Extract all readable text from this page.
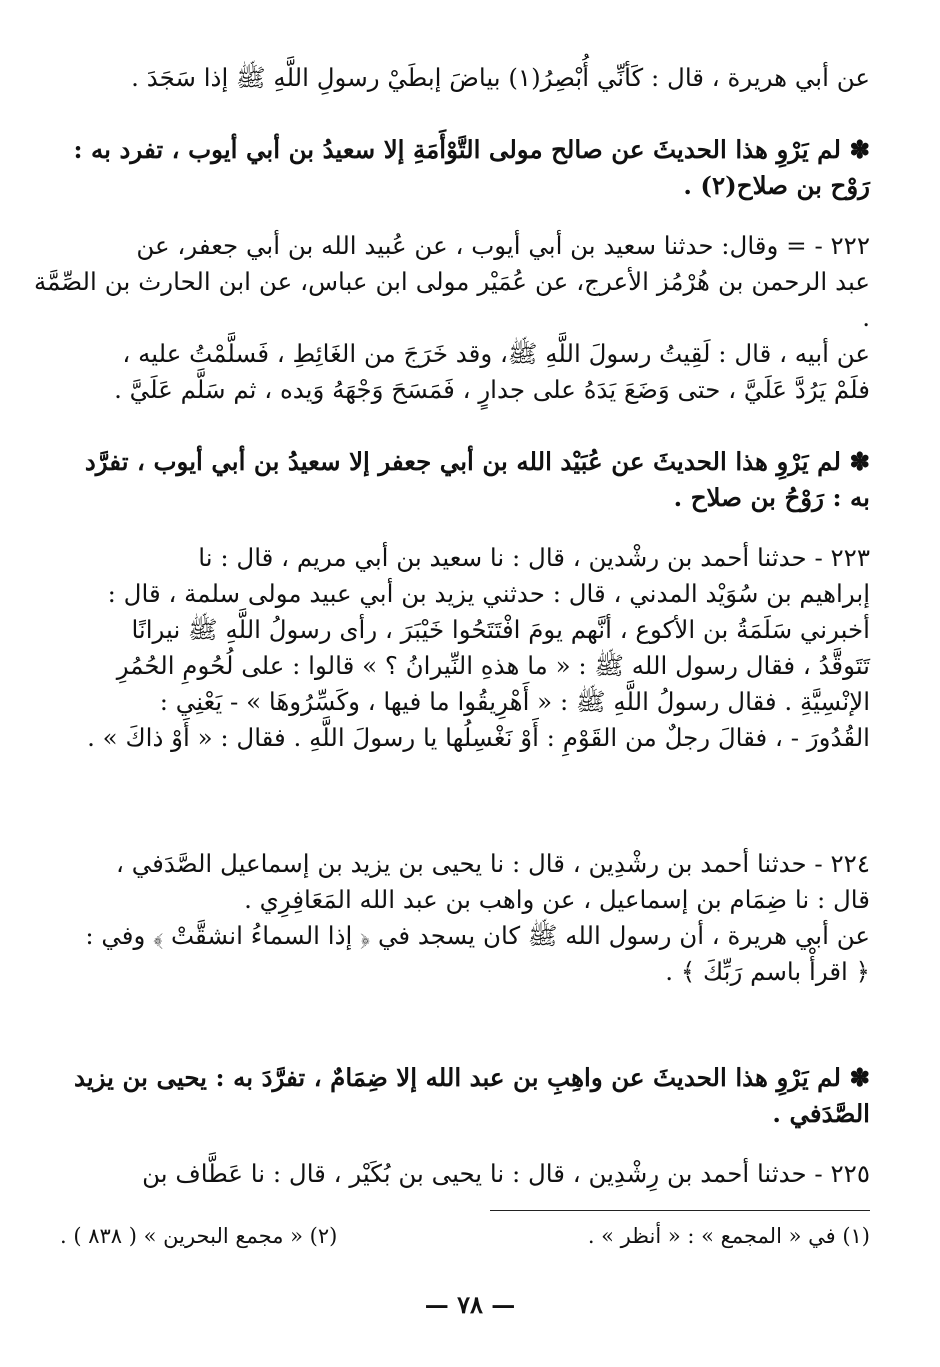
عن أبي هريرة ، قال : كَأنِّي أُبْصِرُ(١) بياضَ إبطَيْ رسولِ اللَّهِ ﷺ إذا سَجَدَ .

✽ لم يَرْوِ هذا الحديثَ عن صالح مولى التَّوْأَمَةِ إلا سعيدُ بن أبي أيوب ، تفرد به :

رَوْح بن صلاح(٢) .

٢٢٢ - = وقال: حدثنا سعيد بن أبي أيوب ، عن عُبيد الله بن أبي جعفر، عن

عبد الرحمن بن هُرْمُز الأعرج، عن عُمَيْر مولى ابن عباس، عن ابن الحارث بن الصِّمَّة .

عن أبيه ، قال : لَقِيتُ رسولَ اللَّهِ ﷺ، وقد خَرَجَ من الغَائِطِ ، فَسلَّمْتُ عليه ،

فلَمْ يَرُدَّ عَلَيَّ ، حتى وَضَعَ يَدَهُ على جدارٍ ، فَمَسَحَ وَجْهَهُ وَيده ، ثم سَلَّم عَلَيَّ .

✽ لم يَرْوِ هذا الحديثَ عن عُبَيْد الله بن أبي جعفر إلا سعيدُ بن أبي أيوب ، تفرَّد

به : رَوْحُ بن صلاح .

٢٢٣ - حدثنا أحمد بن رشْدين ، قال : نا سعيد بن أبي مريم ، قال : نا

إبراهيم بن سُوَيْد المدني ، قال : حدثني يزيد بن أبي عبيد مولى سلمة ، قال :

أخبرني سَلَمَةُ بن الأكوع ، أنَّهم يومَ افْتَتَحُوا خَيْبَرَ ، رأى رسولُ اللَّهِ ﷺ نيرانًا

تَتَوقَّدُ ، فقال رسول الله ﷺ : « ما هذهِ النِّيرانُ ؟ » قالوا : على لُحُومِ الحُمُرِ

الإنْسِيَّةِ . فقال رسولُ اللَّهِ ﷺ : « أَهْرِيقُوا ما فيها ، وكَسِّرُوهَا » - يَعْنِي :

القُدُورَ - ، فقالَ رجلٌ من القَوْمِ : أَوْ نَغْسِلُها يا رسولَ اللَّهِ . فقال : « أَوْ ذاكَ » .

٢٢٤ - حدثنا أحمد بن رشْدِين ، قال : نا يحيى بن يزيد بن إسماعيل الصَّدَفي ،

قال : نا ضِمَام بن إسماعيل ، عن واهب بن عبد الله المَعَافِرِي .

عن أبي هريرة ، أن رسول الله ﷺ كان يسجد في ﴿ إذا السماءُ انشقَّتْ ﴾ وفي :

﴿ اقرأْ باسم رَبِّكَ ﴾ .

✽ لم يَرْوِ هذا الحديثَ عن واهِبِ بن عبد الله إلا ضِمَامٌ ، تفرَّدَ به : يحيى بن يزيد

الصَّدَفي .

٢٢٥ - حدثنا أحمد بن رِشْدِين ، قال : نا يحيى بن بُكَيْر ، قال : نا عَطَّاف بن

(١) في « المجمع » : « أنظر » .
(٢) « مجمع البحرين » ( ٨٣٨ ) .
— ٧٨ —
